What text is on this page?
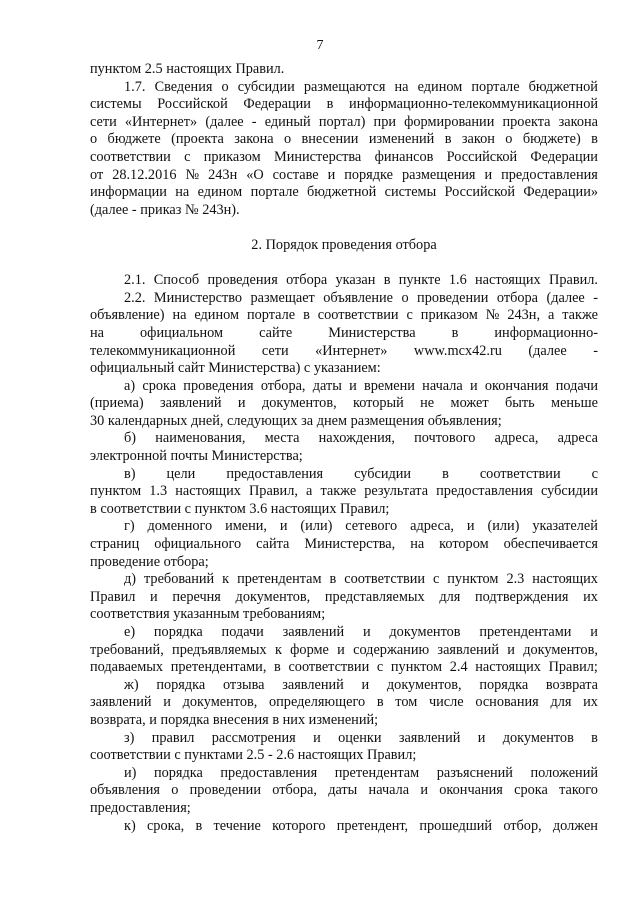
7
пунктом 2.5 настоящих Правил.
1.7. Сведения о субсидии размещаются на едином портале бюджетной
системы Российской Федерации в информационно-телекоммуникационной
сети «Интернет» (далее - единый портал) при формировании проекта закона
о бюджете (проекта закона о внесении изменений в закон о бюджете) в
соответствии с приказом Министерства финансов Российской Федерации
от 28.12.2016 № 243н «О составе и порядке размещения и предоставления
информации на едином портале бюджетной системы Российской Федерации»
(далее - приказ № 243н).
2. Порядок проведения отбора
2.1. Способ проведения отбора указан в пункте 1.6 настоящих Правил.
2.2. Министерство размещает объявление о проведении отбора (далее -
объявление) на едином портале в соответствии с приказом № 243н, а также
на	официальном	сайте	Министерства	в	информационно-
телекоммуникационной сети «Интернет» www.mcx42.ru (далее -
официальный сайт Министерства) с указанием:
а) срока проведения отбора, даты и времени начала и окончания подачи
(приема) заявлений и документов, который не может быть меньше
30 календарных дней, следующих за днем размещения объявления;
б) наименования, места нахождения, почтового адреса, адреса
электронной почты Министерства;
в) цели предоставления субсидии в соответствии с
пунктом 1.3 настоящих Правил, а также результата предоставления субсидии
в соответствии с пунктом 3.6 настоящих Правил;
г) доменного имени, и (или) сетевого адреса, и (или) указателей
страниц официального сайта Министерства, на котором обеспечивается
проведение отбора;
д) требований к претендентам в соответствии с пунктом 2.3 настоящих
Правил и перечня документов, представляемых для подтверждения их
соответствия указанным требованиям;
е) порядка подачи заявлений и документов претендентами и
требований, предъявляемых к форме и содержанию заявлений и документов,
подаваемых претендентами, в соответствии с пунктом 2.4 настоящих Правил;
ж) порядка отзыва заявлений и документов, порядка возврата
заявлений и документов, определяющего в том числе основания для их
возврата, и порядка внесения в них изменений;
з) правил рассмотрения и оценки заявлений и документов в
соответствии с пунктами 2.5 - 2.6 настоящих Правил;
и) порядка предоставления претендентам разъяснений положений
объявления о проведении отбора, даты начала и окончания срока такого
предоставления;
к) срока, в течение которого претендент, прошедший отбор, должен
